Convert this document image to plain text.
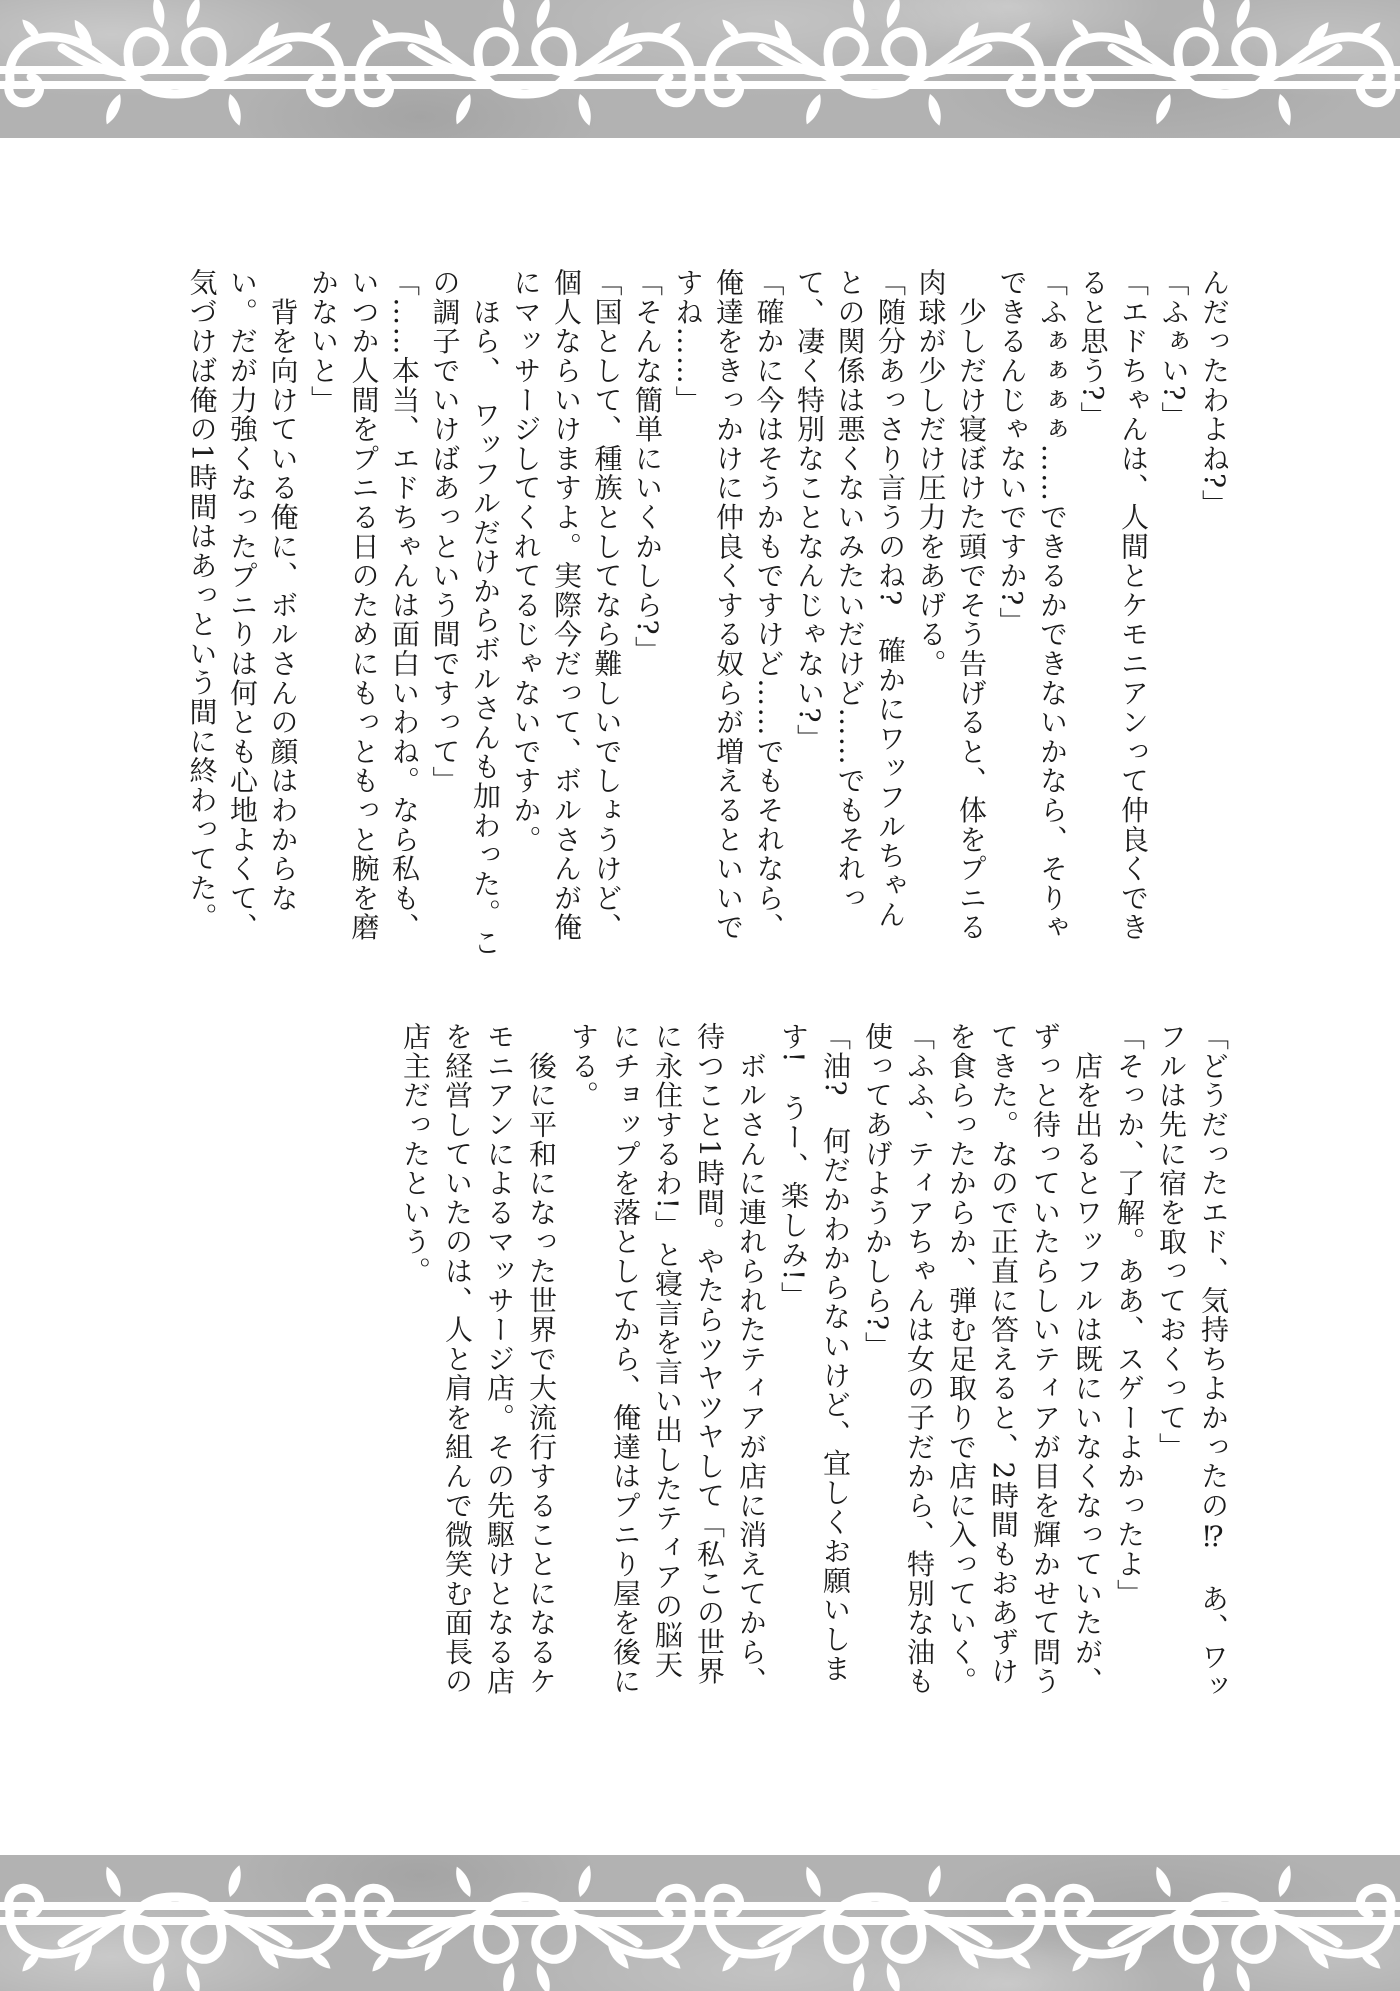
んだったわよね?」
「ふぁい?」
「エドちゃんは、人間とケモニアンって仲良くでき
ると思う?」
「ふぁぁぁぁ……できるかできないかなら、そりゃ
できるんじゃないですか?」
　少しだけ寝ぼけた頭でそう告げると、体をプニる
肉球が少しだけ圧力をあげる。
「随分あっさり言うのね?　確かにワッフルちゃん
との関係は悪くないみたいだけど……でもそれっ
て、凄く特別なことなんじゃない?」
「確かに今はそうかもですけど……でもそれなら、
俺達をきっかけに仲良くする奴らが増えるといいで
すね……」
「そんな簡単にいくかしら?」
「国として、種族としてなら難しいでしょうけど、
個人ならいけますよ。実際今だって、ボルさんが俺
にマッサージしてくれてるじゃないですか。
　ほら、　ワッフルだけからボルさんも加わった。こ
の調子でいけばあっという間ですって」
「……本当、エドちゃんは面白いわね。なら私も、
いつか人間をプニる日のためにもっともっと腕を磨
かないと」
　背を向けている俺に、ボルさんの顔はわからな
い。だが力強くなったプニりは何とも心地よくて、
気づけば俺の1時間はあっという間に終わってた。
「どうだったエド、気持ちよかったの⁉　あ、ワッ
フルは先に宿を取っておくって」
「そっか、了解。ああ、スゲーよかったよ」
　店を出るとワッフルは既にいなくなっていたが、
ずっと待っていたらしいティアが目を輝かせて問う
てきた。なので正直に答えると、2時間もおあずけ
を食らったからか、弾む足取りで店に入っていく。
「ふふ、ティアちゃんは女の子だから、特別な油も
使ってあげようかしら?」
「油?　何だかわからないけど、宜しくお願いしま
す!　うー、楽しみ!」
　ボルさんに連れられたティアが店に消えてから、
待つこと1時間。やたらツヤツヤして「私この世界
に永住するわ!」と寝言を言い出したティアの脳天
にチョップを落としてから、俺達はプニり屋を後に
する。
　後に平和になった世界で大流行することになるケ
モニアンによるマッサージ店。その先駆けとなる店
を経営していたのは、人と肩を組んで微笑む面長の
店主だったという。
